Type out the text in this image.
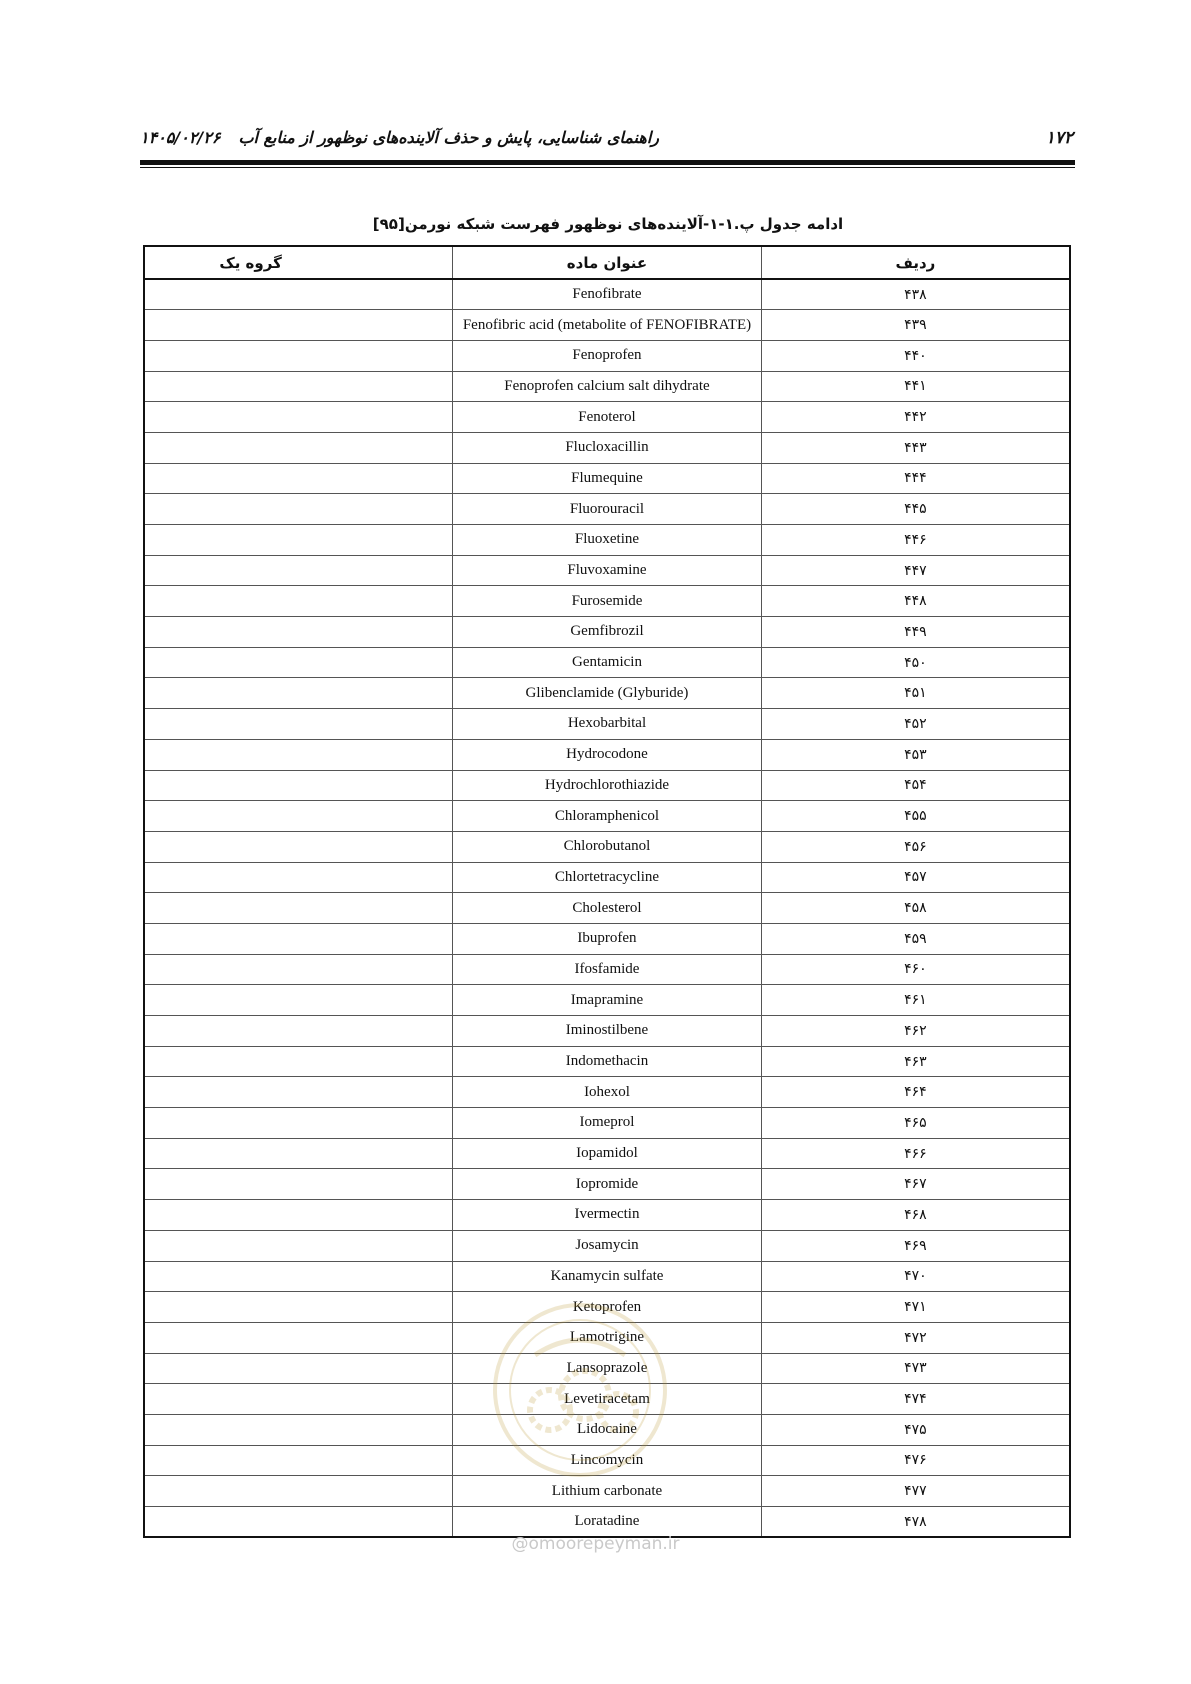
راهنمای شناسایی، پایش و حذف آلاینده‌های نوظهور از منابع آب۱۴۰۵/۰۲/۲۶	۱۷۲
ادامه جدول پ.۱-۱-آلاینده‌های نوظهور فهرست شبکه نورمن[۹۵]
گروه یک	عنوان ماده	ردیف
	Fenofibrate	۴۳۸
	Fenofibric acid (metabolite of FENOFIBRATE)	۴۳۹
	Fenoprofen	۴۴۰
	Fenoprofen calcium salt dihydrate	۴۴۱
	Fenoterol	۴۴۲
	Flucloxacillin	۴۴۳
	Flumequine	۴۴۴
	Fluorouracil	۴۴۵
	Fluoxetine	۴۴۶
	Fluvoxamine	۴۴۷
	Furosemide	۴۴۸
	Gemfibrozil	۴۴۹
	Gentamicin	۴۵۰
	Glibenclamide (Glyburide)	۴۵۱
	Hexobarbital	۴۵۲
	Hydrocodone	۴۵۳
	Hydrochlorothiazide	۴۵۴
	Chloramphenicol	۴۵۵
	Chlorobutanol	۴۵۶
	Chlortetracycline	۴۵۷
	Cholesterol	۴۵۸
	Ibuprofen	۴۵۹
	Ifosfamide	۴۶۰
	Imapramine	۴۶۱
	Iminostilbene	۴۶۲
	Indomethacin	۴۶۳
	Iohexol	۴۶۴
	Iomeprol	۴۶۵
	Iopamidol	۴۶۶
	Iopromide	۴۶۷
	Ivermectin	۴۶۸
	Josamycin	۴۶۹
	Kanamycin sulfate	۴۷۰
	Ketoprofen	۴۷۱
	Lamotrigine	۴۷۲
	Lansoprazole	۴۷۳
	Levetiracetam	۴۷۴
	Lidocaine	۴۷۵
	Lincomycin	۴۷۶
	Lithium carbonate	۴۷۷
	Loratadine	۴۷۸
@omoorepeyman.ir
